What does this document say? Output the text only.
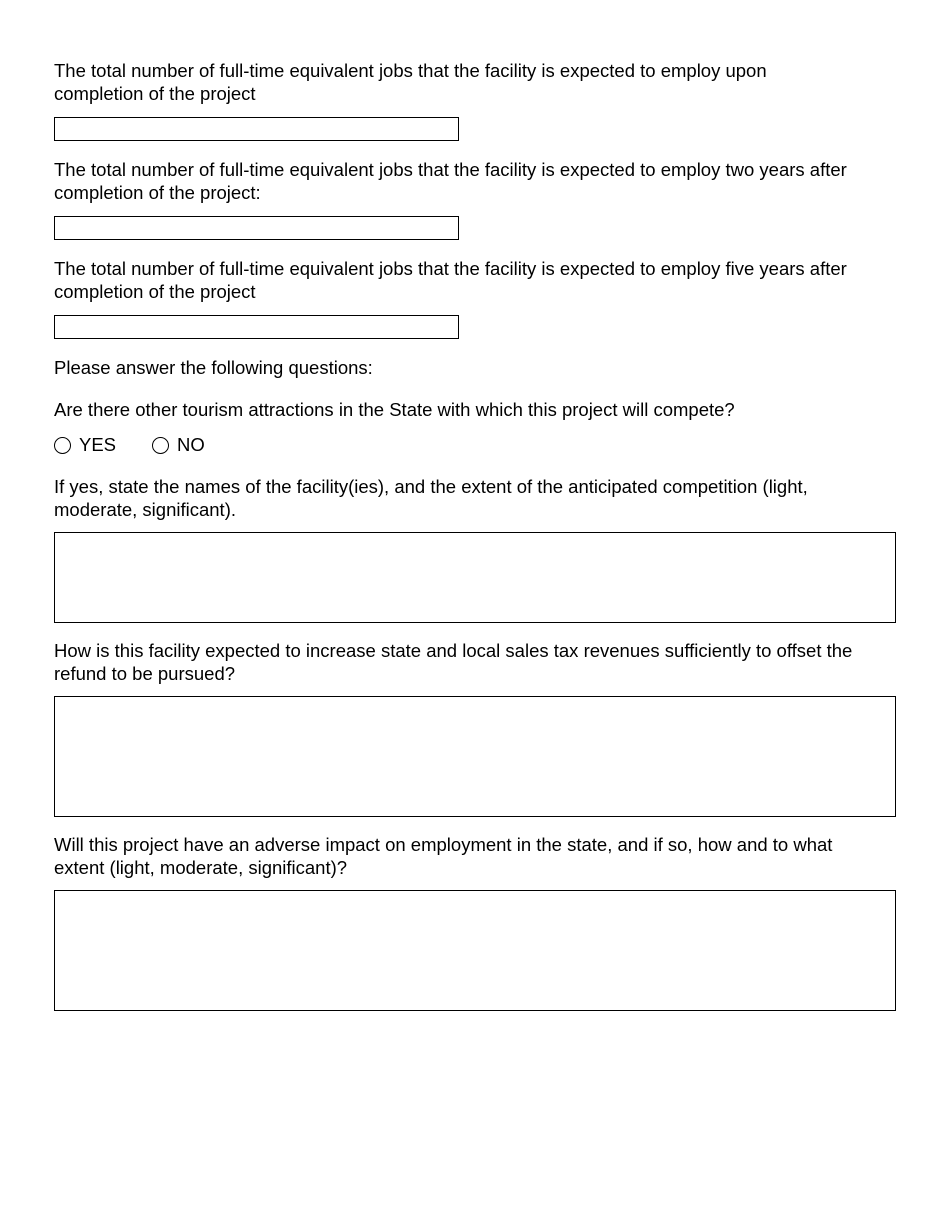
The total number of full-time equivalent jobs that the facility is expected to employ upon completion of the project

The total number of full-time equivalent jobs that the facility is expected to employ two years after completion of the project:

The total number of full-time equivalent jobs that the facility is expected to employ five years after completion of the project

Please answer the following questions:

Are there other tourism attractions in the State with which this project will compete?

YES	NO

If yes, state the names of the facility(ies), and the extent of the anticipated competition (light, moderate, significant).

How is this facility expected to increase state and local sales tax revenues sufficiently to offset the refund to be pursued?

Will this project have an adverse impact on employment in the state, and if so, how and to what extent (light, moderate, significant)?
